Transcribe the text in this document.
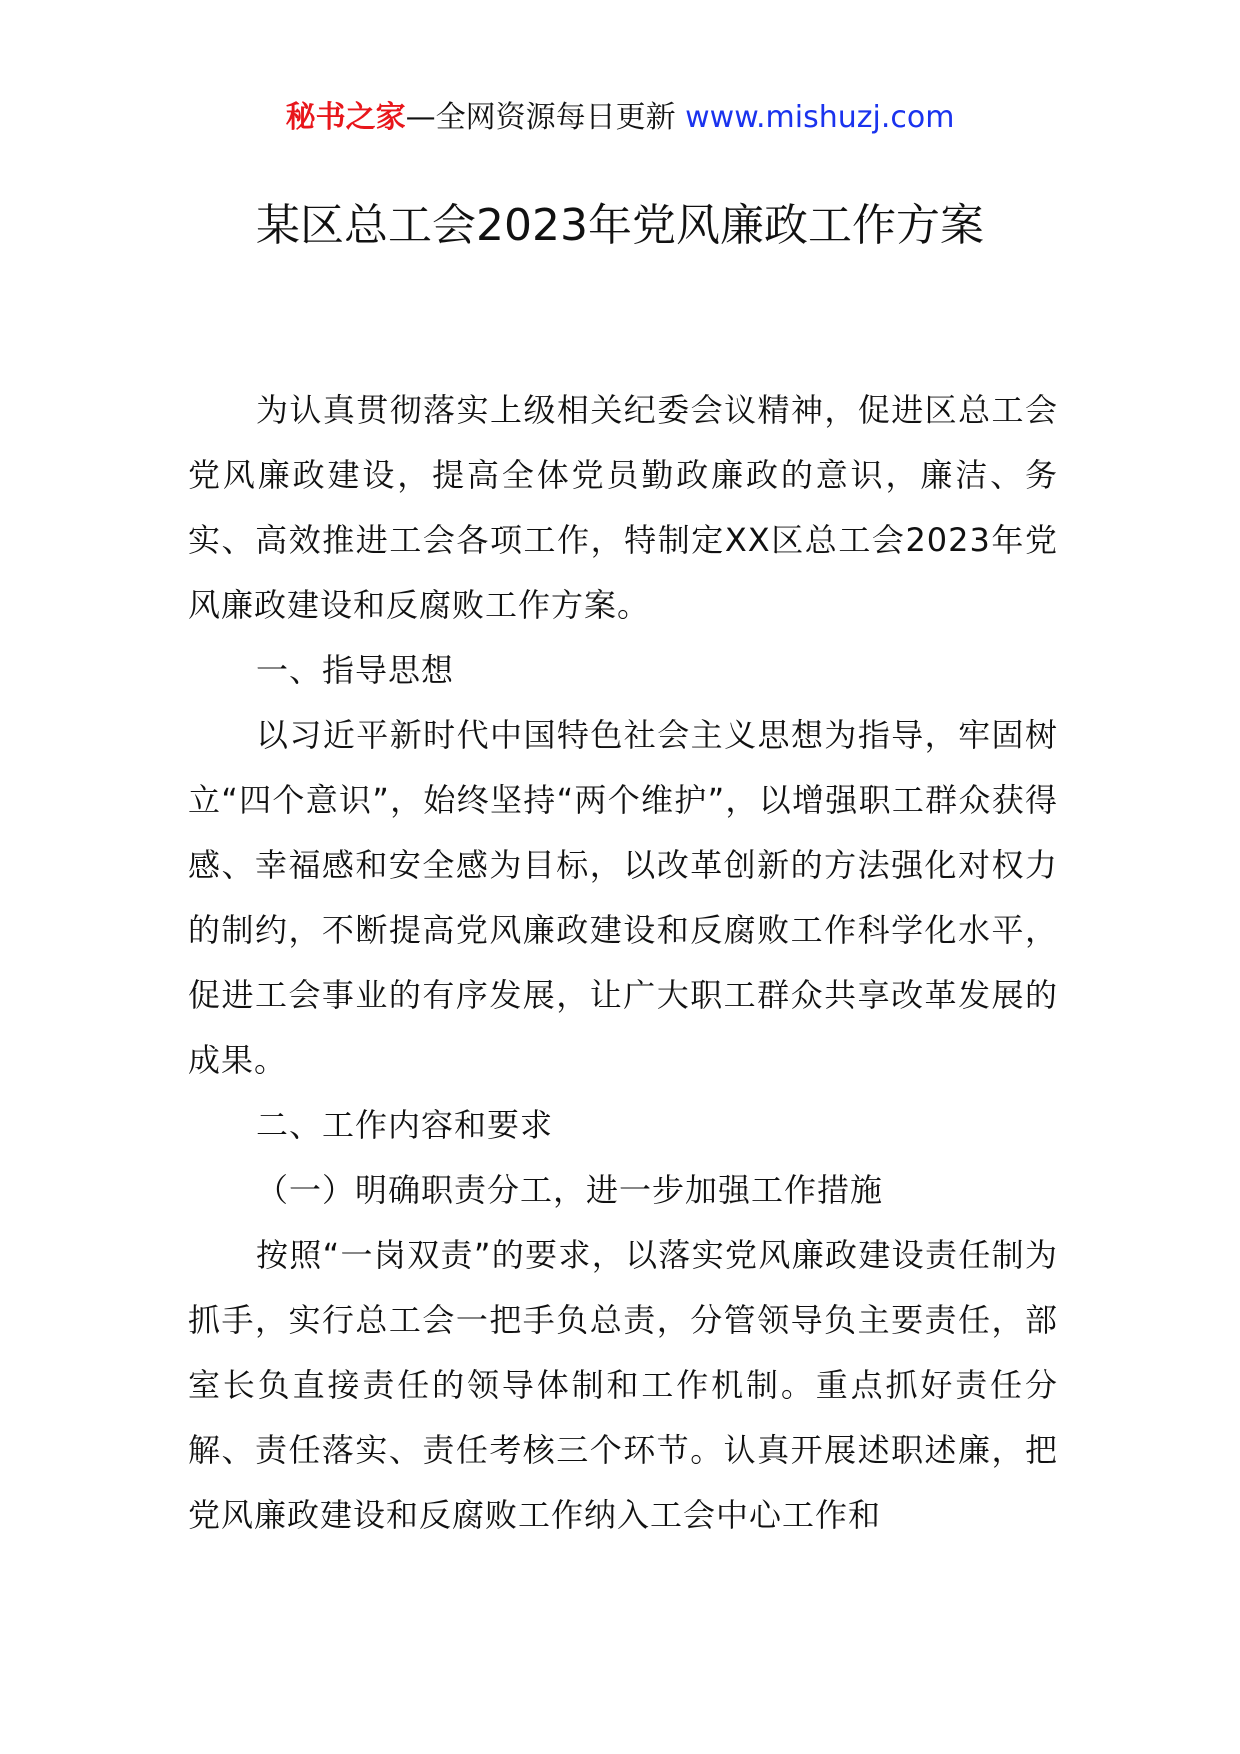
秘书之家—全网资源每日更新 www.mishuzj.com
某区总工会2023年党风廉政工作方案

为认真贯彻落实上级相关纪委会议精神，促进区总工会党风廉政建设，提高全体党员勤政廉政的意识，廉洁、务实、高效推进工会各项工作，特制定XX区总工会2023年党风廉政建设和反腐败工作方案。

一、指导思想

以习近平新时代中国特色社会主义思想为指导，牢固树立“四个意识”，始终坚持“两个维护”，以增强职工群众获得感、幸福感和安全感为目标，以改革创新的方法强化对权力的制约，不断提高党风廉政建设和反腐败工作科学化水平，促进工会事业的有序发展，让广大职工群众共享改革发展的成果。

二、工作内容和要求

（一）明确职责分工，进一步加强工作措施

按照“一岗双责”的要求，以落实党风廉政建设责任制为抓手，实行总工会一把手负总责，分管领导负主要责任，部室长负直接责任的领导体制和工作机制。重点抓好责任分解、责任落实、责任考核三个环节。认真开展述职述廉，把党风廉政建设和反腐败工作纳入工会中心工作和
